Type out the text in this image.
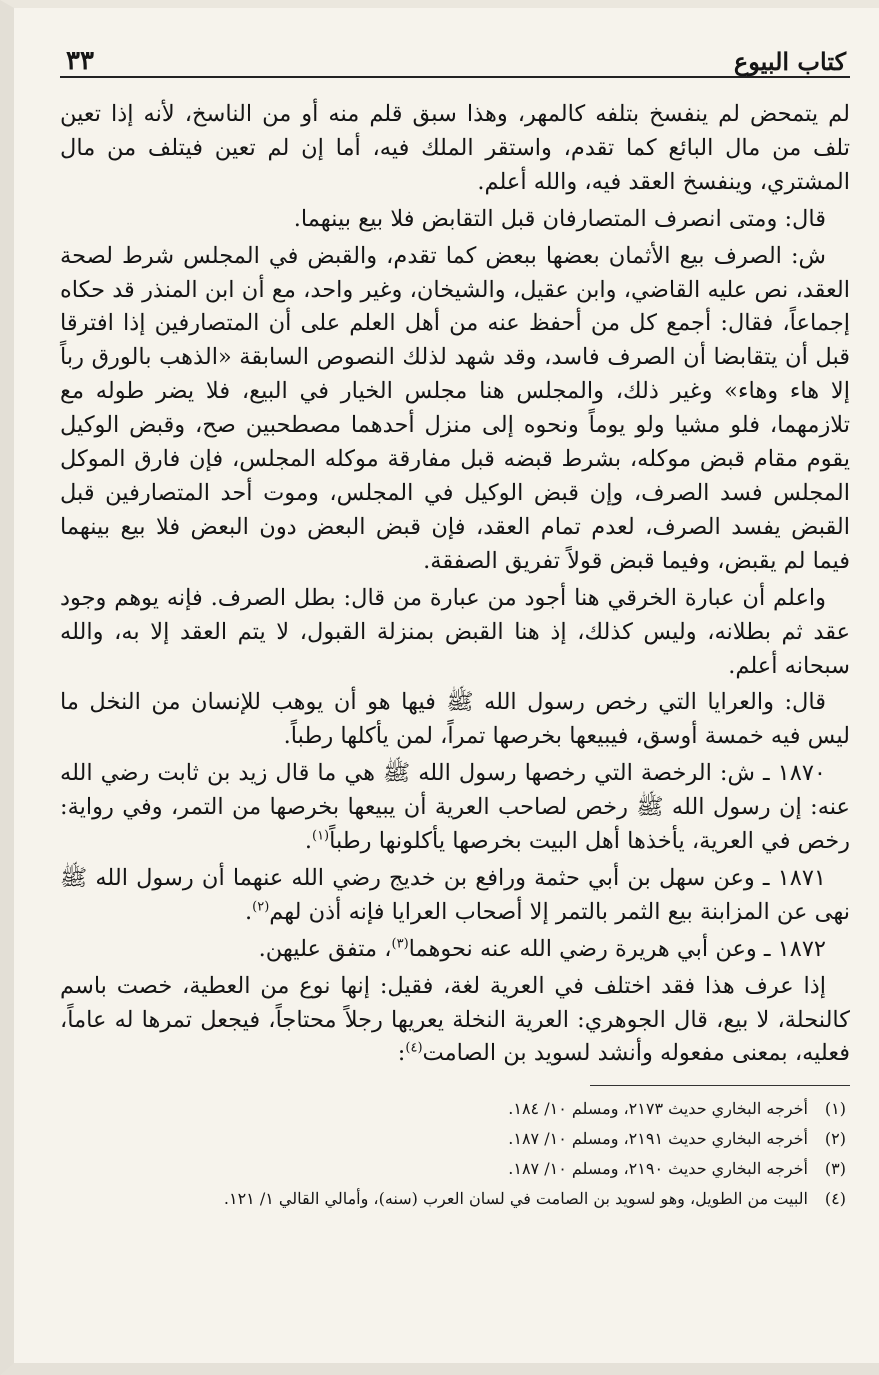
كتاب البيوع
٣٣

لم يتمحض لم ينفسخ بتلفه كالمهر، وهذا سبق قلم منه أو من الناسخ، لأنه إذا تعين تلف من مال البائع كما تقدم، واستقر الملك فيه، أما إن لم تعين فيتلف من مال المشتري، وينفسخ العقد فيه، والله أعلم.

قال: ومتى انصرف المتصارفان قبل التقابض فلا بيع بينهما.

ش: الصرف بيع الأثمان بعضها ببعض كما تقدم، والقبض في المجلس شرط لصحة العقد، نص عليه القاضي، وابن عقيل، والشيخان، وغير واحد، مع أن ابن المنذر قد حكاه إجماعاً، فقال: أجمع كل من أحفظ عنه من أهل العلم على أن المتصارفين إذا افترقا قبل أن يتقابضا أن الصرف فاسد، وقد شهد لذلك النصوص السابقة «الذهب بالورق رباً إلا هاء وهاء» وغير ذلك، والمجلس هنا مجلس الخيار في البيع، فلا يضر طوله مع تلازمهما، فلو مشيا ولو يوماً ونحوه إلى منزل أحدهما مصطحبين صح، وقبض الوكيل يقوم مقام قبض موكله، بشرط قبضه قبل مفارقة موكله المجلس، فإن فارق الموكل المجلس فسد الصرف، وإن قبض الوكيل في المجلس، وموت أحد المتصارفين قبل القبض يفسد الصرف، لعدم تمام العقد، فإن قبض البعض دون البعض فلا بيع بينهما فيما لم يقبض، وفيما قبض قولاً تفريق الصفقة.

واعلم أن عبارة الخرقي هنا أجود من عبارة من قال: بطل الصرف. فإنه يوهم وجود عقد ثم بطلانه، وليس كذلك، إذ هنا القبض بمنزلة القبول، لا يتم العقد إلا به، والله سبحانه أعلم.

قال: والعرايا التي رخص رسول الله ﷺ فيها هو أن يوهب للإنسان من النخل ما ليس فيه خمسة أوسق، فيبيعها بخرصها تمراً، لمن يأكلها رطباً.

١٨٧٠ ـ ش: الرخصة التي رخصها رسول الله ﷺ هي ما قال زيد بن ثابت رضي الله عنه: إن رسول الله ﷺ رخص لصاحب العرية أن يبيعها بخرصها من التمر، وفي رواية: رخص في العرية، يأخذها أهل البيت بخرصها يأكلونها رطباً$^{(١)}$.

١٨٧١ ـ وعن سهل بن أبي حثمة ورافع بن خديج رضي الله عنهما أن رسول الله ﷺ نهى عن المزابنة بيع الثمر بالتمر إلا أصحاب العرايا فإنه أذن لهم$^{(٢)}$.

١٨٧٢ ـ وعن أبي هريرة رضي الله عنه نحوهما$^{(٣)}$، متفق عليهن.

إذا عرف هذا فقد اختلف في العرية لغة، فقيل: إنها نوع من العطية، خصت باسم كالنحلة، لا بيع، قال الجوهري: العرية النخلة يعريها رجلاً محتاجاً، فيجعل تمرها له عاماً، فعليه، بمعنى مفعوله وأنشد لسويد بن الصامت$^{(٤)}$:

(١)
أخرجه البخاري حديث ٢١٧٣، ومسلم ١٠/ ١٨٤.
(٢)
أخرجه البخاري حديث ٢١٩١، ومسلم ١٠/ ١٨٧.
(٣)
أخرجه البخاري حديث ٢١٩٠، ومسلم ١٠/ ١٨٧.
(٤)
البيت من الطويل، وهو لسويد بن الصامت في لسان العرب (سنه)، وأمالي القالي ١/ ١٢١.
